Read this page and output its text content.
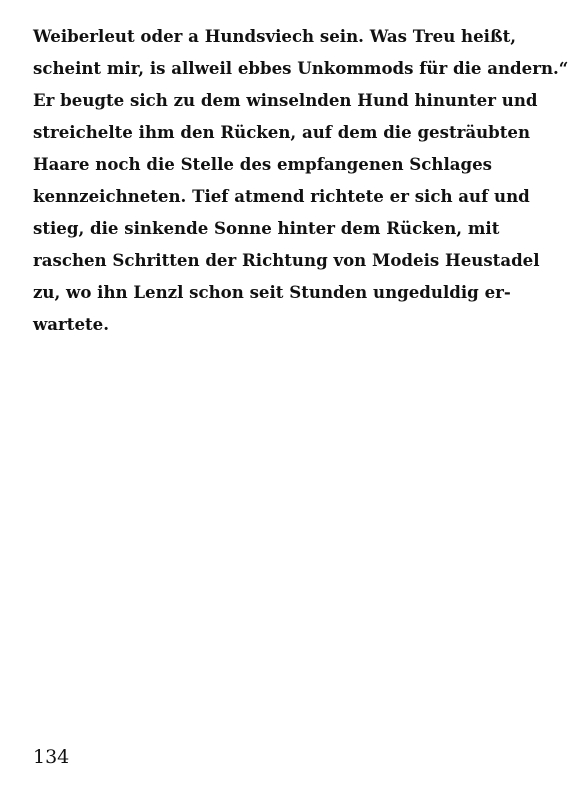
Weiberleut oder a Hundsviech sein. Was Treu heißt,
scheint mir, is allweil ebbes Unkommods für die andern.“
Er beugte sich zu dem winselnden Hund hinunter und
streichelte ihm den Rücken, auf dem die gesträubten
Haare noch die Stelle des empfangenen Schlages
kennzeichneten. Tief atmend richtete er sich auf und
stieg, die sinkende Sonne hinter dem Rücken, mit
raschen Schritten der Richtung von Modeis Heustadel
zu, wo ihn Lenzl schon seit Stunden ungeduldig er-
wartete.
134
